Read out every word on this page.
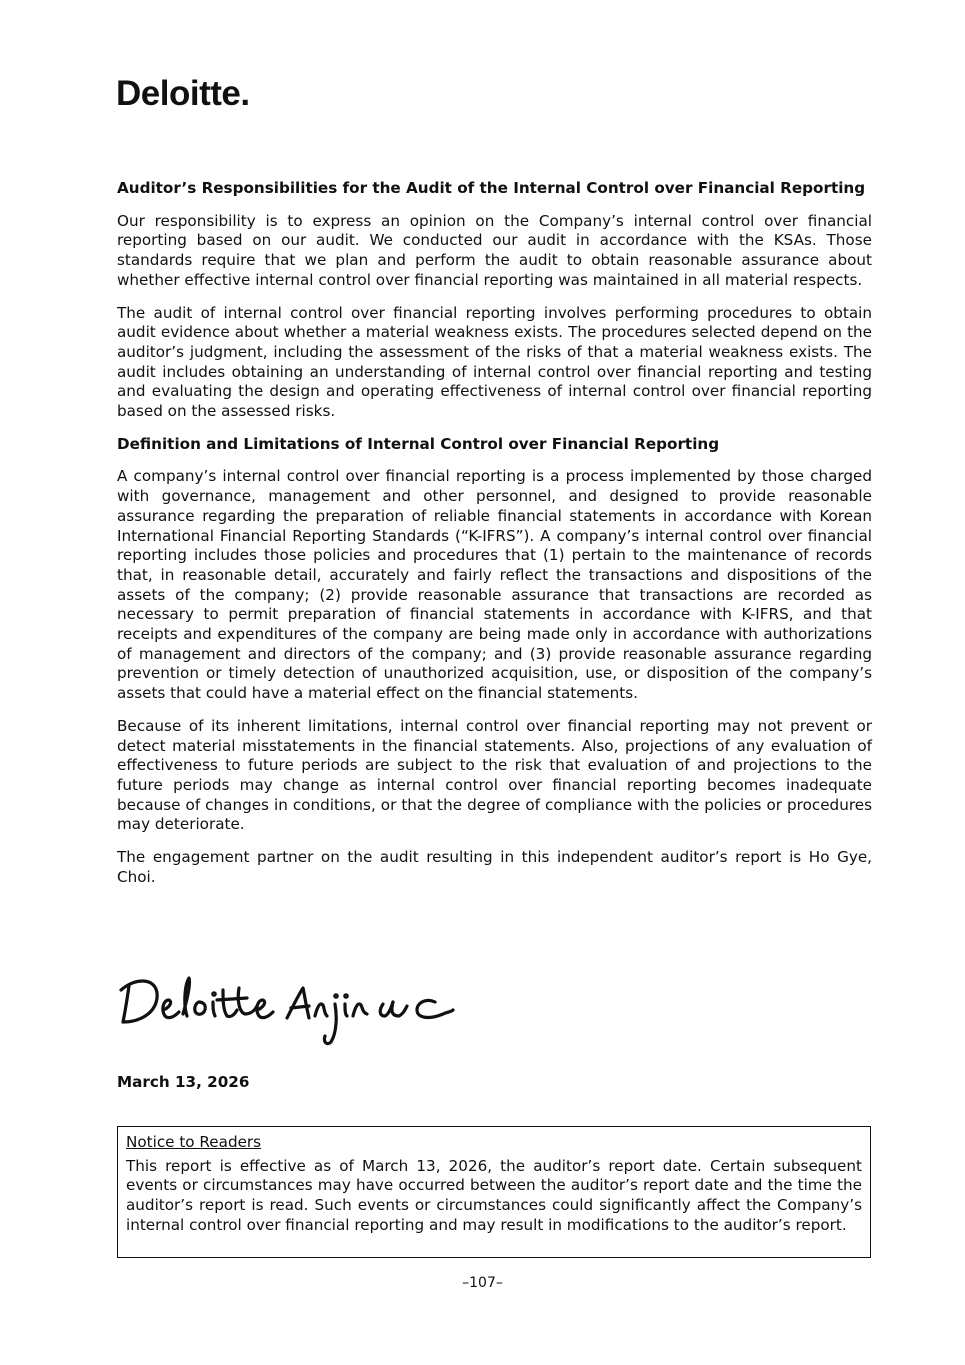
Deloitte.

Auditor’s Responsibilities for the Audit of the Internal Control over Financial Reporting

Our responsibility is to express an opinion on the Company’s internal control over financial reporting based on our audit. We conducted our audit in accordance with the KSAs. Those standards require that we plan and perform the audit to obtain reasonable assurance about whether effective internal control over financial reporting was maintained in all material respects.

The audit of internal control over financial reporting involves performing procedures to obtain audit evidence about whether a material weakness exists. The procedures selected depend on the auditor’s judgment, including the assessment of the risks of that a material weakness exists. The audit includes obtaining an understanding of internal control over financial reporting and testing and evaluating the design and operating effectiveness of internal control over financial reporting based on the assessed risks.

Definition and Limitations of Internal Control over Financial Reporting

A company’s internal control over financial reporting is a process implemented by those charged with governance, management and other personnel, and designed to provide reasonable assurance regarding the preparation of reliable financial statements in accordance with Korean International Financial Reporting Standards (“K-IFRS”). A company’s internal control over financial reporting includes those policies and procedures that (1) pertain to the maintenance of records that, in reasonable detail, accurately and fairly reflect the transactions and dispositions of the assets of the company; (2) provide reasonable assurance that transactions are recorded as necessary to permit preparation of financial statements in accordance with K-IFRS, and that receipts and expenditures of the company are being made only in accordance with authorizations of management and directors of the company; and (3) provide reasonable assurance regarding prevention or timely detection of unauthorized acquisition, use, or disposition of the company’s assets that could have a material effect on the financial statements.

Because of its inherent limitations, internal control over financial reporting may not prevent or detect material misstatements in the financial statements. Also, projections of any evaluation of effectiveness to future periods are subject to the risk that evaluation of and projections to the future periods may change as internal control over financial reporting becomes inadequate because of changes in conditions, or that the degree of compliance with the policies or procedures may deteriorate.

The engagement partner on the audit resulting in this independent auditor’s report is Ho Gye, Choi.

March 13, 2026

Notice to Readers

This report is effective as of March 13, 2026, the auditor’s report date. Certain subsequent events or circumstances may have occurred between the auditor’s report date and the time the auditor’s report is read. Such events or circumstances could significantly affect the Company’s internal control over financial reporting and may result in modifications to the auditor’s report.

–107–
